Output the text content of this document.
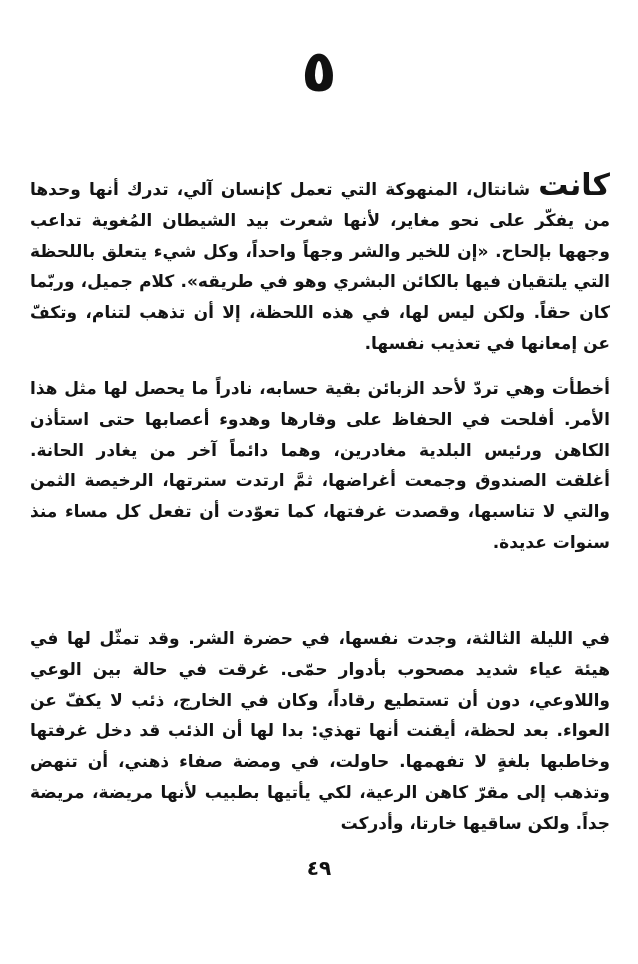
٥

كانت شانتال، المنهوكة التي تعمل كإنسان آلي، تدرك أنها وحدها من يفكّر على نحو مغاير، لأنها شعرت بيد الشيطان المُغوية تداعب وجهها بإلحاح. «إن للخير والشر وجهاً واحداً، وكل شيء يتعلق باللحظة التي يلتقيان فيها بالكائن البشري وهو في طريقه». كلام جميل، وربّما كان حقاً. ولكن ليس لها، في هذه اللحظة، إلا أن تذهب لتنام، وتكفّ عن إمعانها في تعذيب نفسها.

أخطأت وهي تردّ لأحد الزبائن بقية حسابه، نادراً ما يحصل لها مثل هذا الأمر. أفلحت في الحفاظ على وقارها وهدوء أعصابها حتى استأذن الكاهن ورئيس البلدية مغادرين، وهما دائماً آخر من يغادر الحانة. أغلقت الصندوق وجمعت أغراضها، ثمَّ ارتدت سترتها، الرخيصة الثمن والتي لا تناسبها، وقصدت غرفتها، كما تعوّدت أن تفعل كل مساء منذ سنوات عديدة.

في الليلة الثالثة، وجدت نفسها، في حضرة الشر. وقد تمثّل لها في هيئة عياء شديد مصحوب بأدوار حمّى. غرقت في حالة بين الوعي واللاوعي، دون أن تستطيع رقاداً، وكان في الخارج، ذئب لا يكفّ عن العواء. بعد لحظة، أيقنت أنها تهذي: بدا لها أن الذئب قد دخل غرفتها وخاطبها بلغةٍ لا تفهمها. حاولت، في ومضة صفاء ذهني، أن تنهض وتذهب إلى مقرّ كاهن الرعية، لكي يأتيها بطبيب لأنها مريضة، مريضة جداً. ولكن ساقيها خارتا، وأدركت

٤٩
